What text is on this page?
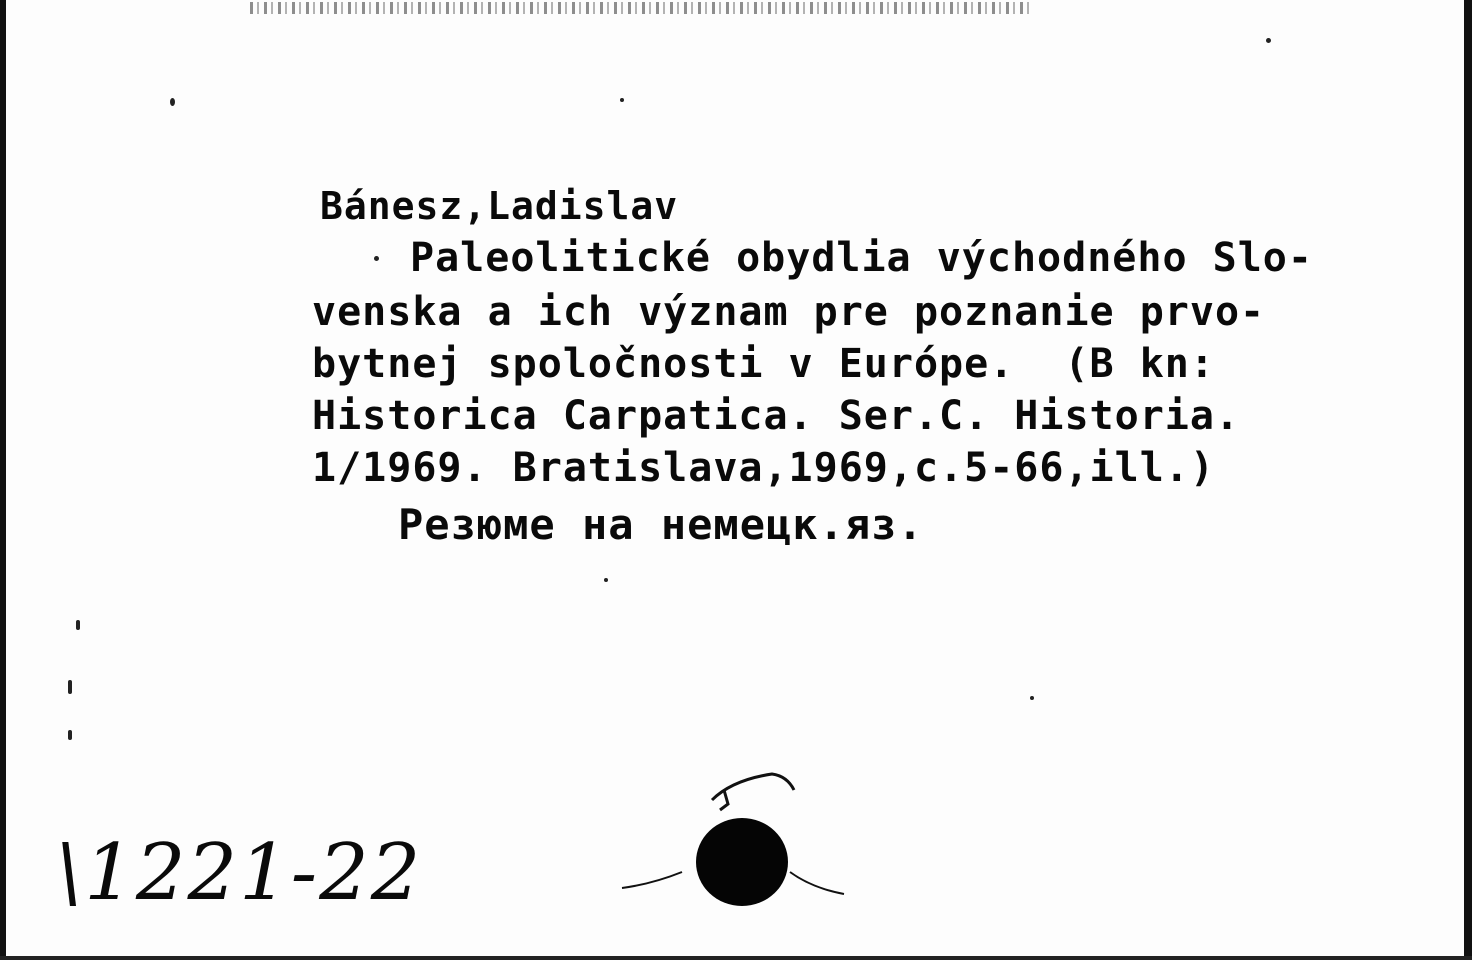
Bánesz,Ladislav
Paleolitické obydlia východného Slo-
venska a ich význam pre poznanie prvo-
bytnej spoločnosti v Európe.  (B kn:
Historica Carpatica. Ser.C. Historia.
1/1969. Bratislava,1969,c.5-66,ill.)
Резюме на немецк.яз.
\1221-22
